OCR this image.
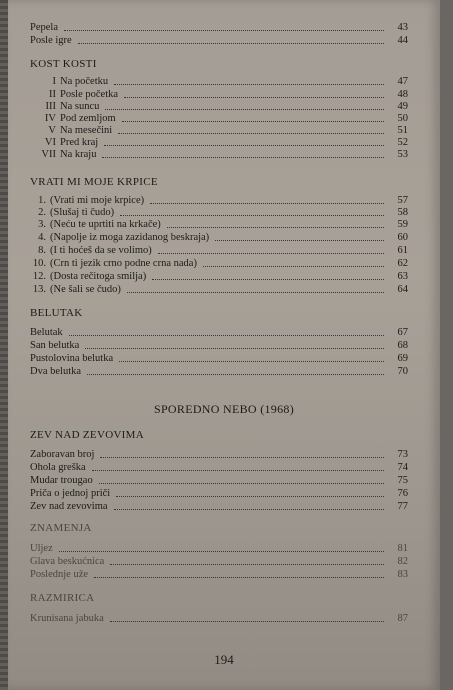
Pepela	43
Posle igre	44
KOST KOSTI
I Na početku	47
II Posle početka	48
III Na suncu	49
IV Pod zemljom	50
V Na mesečini	51
VI Pred kraj	52
VII Na kraju	53
VRATI MI MOJE KRPICE
1. (Vrati mi moje krpice)	57
2. (Slušaj ti čudo)	58
3. (Neću te uprtiti na krkače)	59
4. (Napolje iz moga zazidanog beskraja)	60
8. (I ti hoćeš da se volimo)	61
10. (Crn ti jezik crno podne crna nada)	62
12. (Dosta rečitoga smilja)	63
13. (Ne šali se čudo)	64
BELUTAK
Belutak	67
San belutka	68
Pustolovina belutka	69
Dva belutka	70
SPOREDNO NEBO (1968)
ZEV NAD ZEVOVIMA
Zaboravan broj	73
Ohola greška	74
Mudar trougao	75
Priča o jednoj priči	76
Zev nad zevovima	77
ZNAMENJA
Uljez	81
Glava beskućnica	82
Poslednje uže	83
RAZMIRICA
Krunisana jabuka	87
194
